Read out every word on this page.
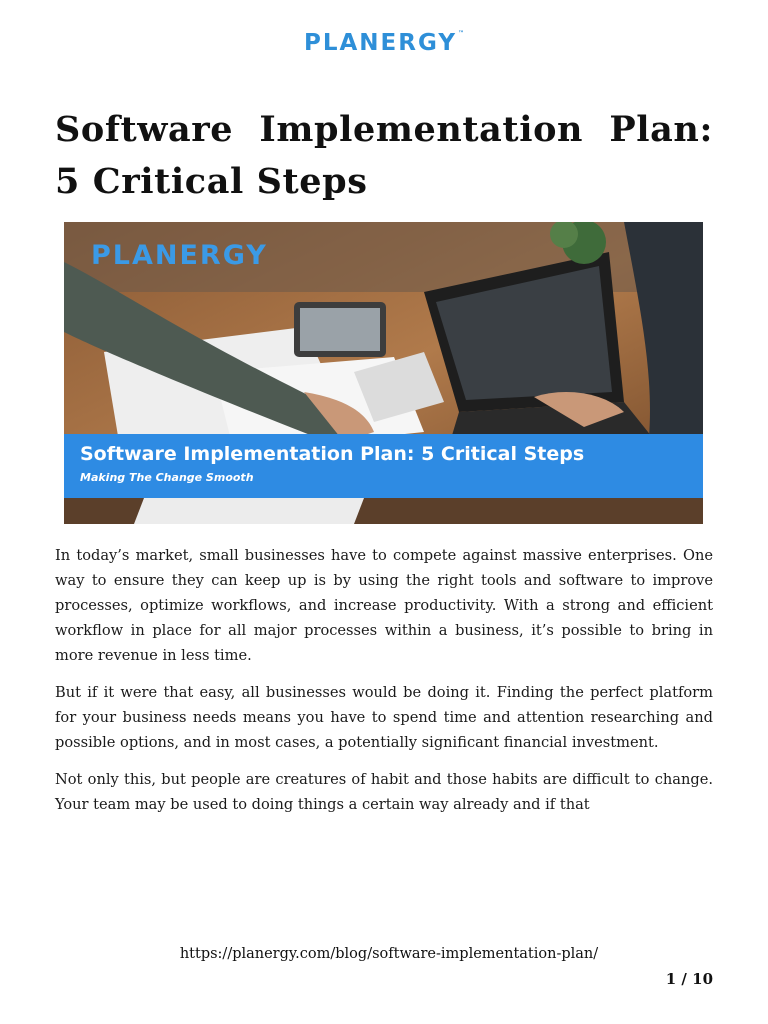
PLANERGY™
Software Implementation Plan: 5 Critical Steps
PLANERGY
Software Implementation Plan: 5 Critical Steps
Making The Change Smooth

In today’s market, small businesses have to compete against massive enterprises. One way to ensure they can keep up is by using the right tools and software to improve processes, optimize workflows, and increase productivity. With a strong and efficient workflow in place for all major processes within a business, it’s possible to bring in more revenue in less time.

But if it were that easy, all businesses would be doing it. Finding the perfect platform for your business needs means you have to spend time and attention researching and possible options, and in most cases, a potentially significant financial investment.

Not only this, but people are creatures of habit and those habits are difficult to change. Your team may be used to doing things a certain way already and if that

https://planergy.com/blog/software-implementation-plan/
1 / 10
